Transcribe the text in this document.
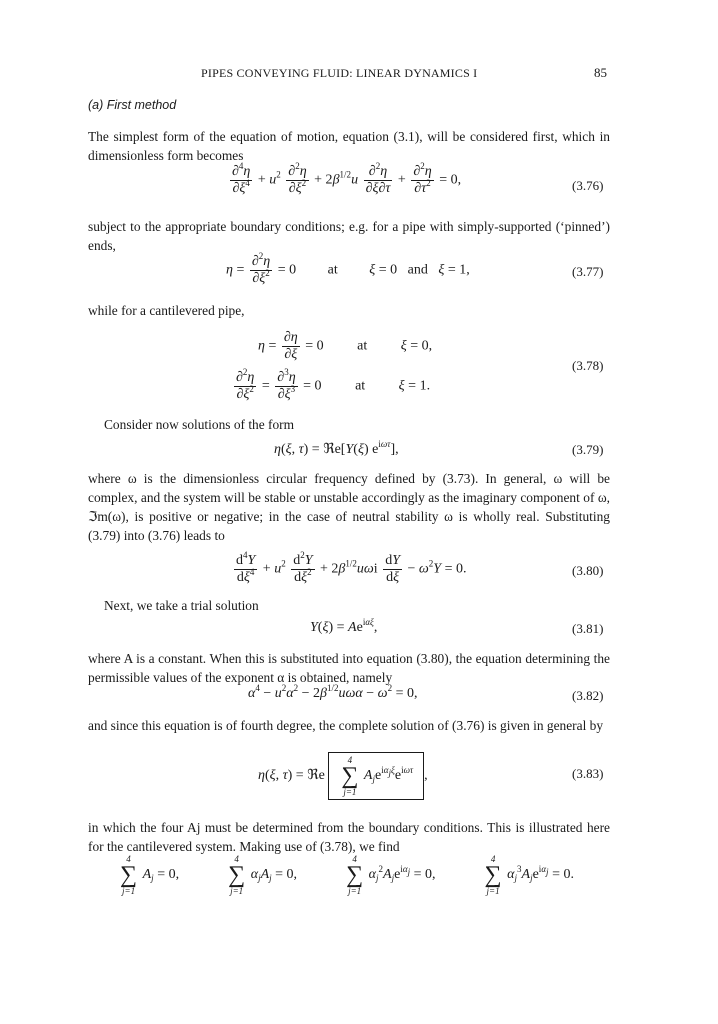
PIPES CONVEYING FLUID: LINEAR DYNAMICS I	85
(a) First method
The simplest form of the equation of motion, equation (3.1), will be considered first, which in dimensionless form becomes
$\frac{\partial^4\eta}{\partial\xi^4} + u^2 \frac{\partial^2\eta}{\partial\xi^2} + 2\beta^{1/2}u \frac{\partial^2\eta}{\partial\xi\partial\tau} + \frac{\partial^2\eta}{\partial\tau^2} = 0$,	(3.76)
subject to the appropriate boundary conditions; e.g. for a pipe with simply-supported (‘pinned’) ends,
$\eta = \frac{\partial^2\eta}{\partial\xi^2} = 0$ at ξ = 0   and ξ = 1,	(3.77)
while for a cantilevered pipe,
$\eta = \frac{\partial\eta}{\partial\xi} = 0$ at ξ = 0,
$\frac{\partial^2\eta}{\partial\xi^2} = \frac{\partial^3\eta}{\partial\xi^3} = 0$ at ξ = 1.
(3.78)
Consider now solutions of the form
η(ξ, τ) = ℜe[Y(ξ) $e^{i\omega\tau}$],	(3.79)
where ω is the dimensionless circular frequency defined by (3.73). In general, ω will be complex, and the system will be stable or unstable accordingly as the imaginary component of ω, ℑm(ω), is positive or negative; in the case of neutral stability ω is wholly real. Substituting (3.79) into (3.76) leads to
$\frac{d^4Y}{d\xi^4} + u^2 \frac{d^2Y}{d\xi^2} + 2\beta^{1/2}u\omega i \frac{dY}{d\xi} - \omega^2Y = 0$.	(3.80)
Next, we take a trial solution
$Y(\xi) = Ae^{i\alpha\xi}$,	(3.81)
where A is a constant. When this is substituted into equation (3.80), the equation determining the permissible values of the exponent α is obtained, namely
$\alpha^4 - u^2\alpha^2 - 2\beta^{1/2}u\omega\alpha - \omega^2 = 0$,	(3.82)
and since this equation is of fourth degree, the complete solution of (3.76) is given in general by
η(ξ, τ) = ℜe
4
∑
j=1
$A_je^{i\alpha_j\xi}e^{i\omega\tau}$ ,	(3.83)
in which the four Aj must be determined from the boundary conditions. This is illustrated here for the cantilevered system. Making use of (3.78), we find
4
∑
j=1
$A_j = 0$,
4
∑
j=1
$\alpha_jA_j = 0$,
4
∑
j=1
$\alpha_j^2A_je^{i\alpha_j} = 0$,
4
∑
j=1
$\alpha_j^3A_je^{i\alpha_j} = 0$.
